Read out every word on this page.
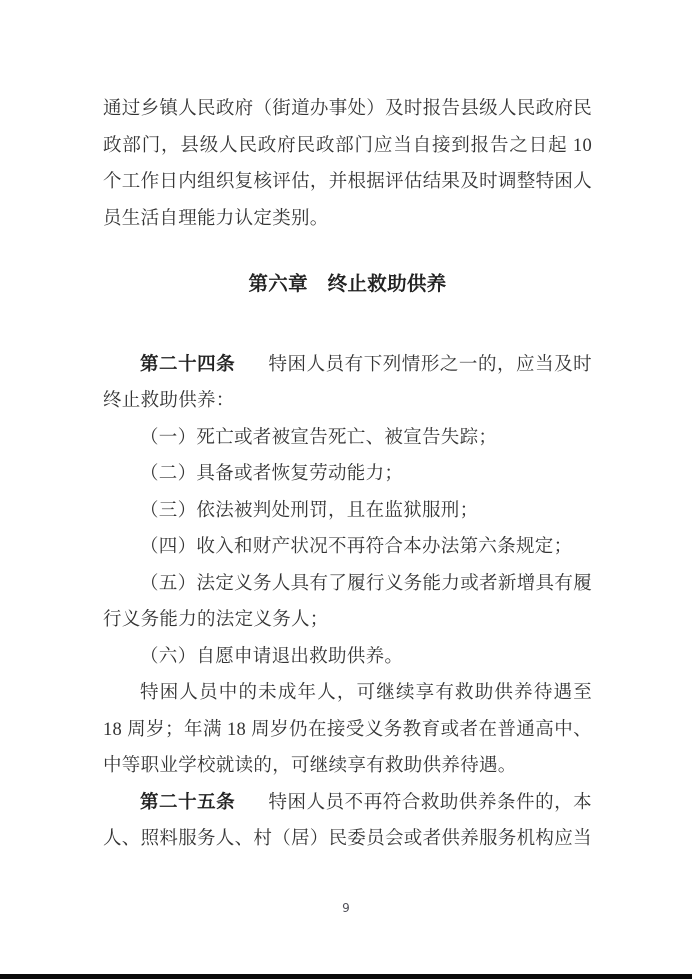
通过乡镇人民政府（街道办事处）及时报告县级人民政府民政部门，县级人民政府民政部门应当自接到报告之日起 10 个工作日内组织复核评估，并根据评估结果及时调整特困人员生活自理能力认定类别。

第六章　终止救助供养

第二十四条 特困人员有下列情形之一的，应当及时终止救助供养：

（一）死亡或者被宣告死亡、被宣告失踪；

（二）具备或者恢复劳动能力；

（三）依法被判处刑罚，且在监狱服刑；

（四）收入和财产状况不再符合本办法第六条规定；

（五）法定义务人具有了履行义务能力或者新增具有履行义务能力的法定义务人；

（六）自愿申请退出救助供养。

特困人员中的未成年人，可继续享有救助供养待遇至 18 周岁；年满 18 周岁仍在接受义务教育或者在普通高中、中等职业学校就读的，可继续享有救助供养待遇。

第二十五条 特困人员不再符合救助供养条件的，本人、照料服务人、村（居）民委员会或者供养服务机构应当

9
